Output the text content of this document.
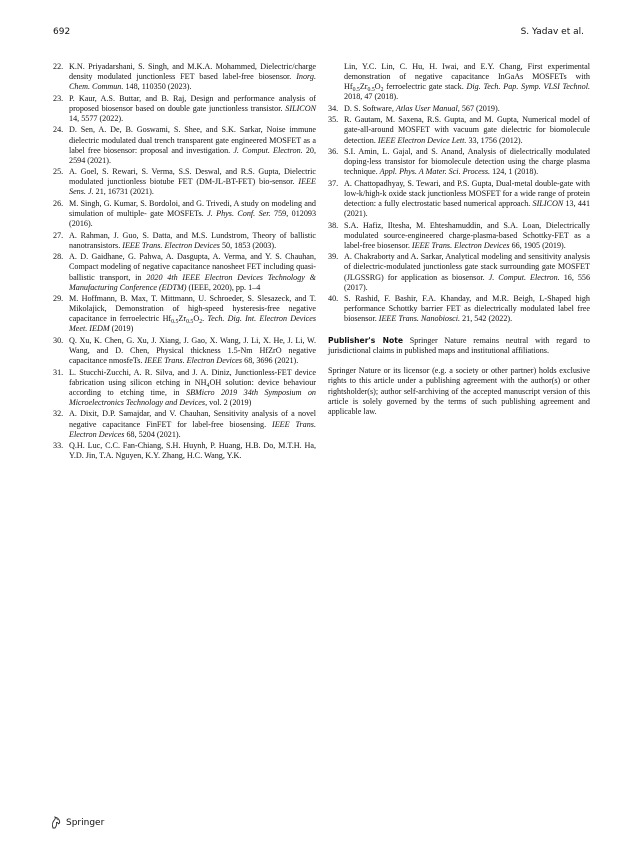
692	S. Yadav et al.
22. K.N. Priyadarshani, S. Singh, and M.K.A. Mohammed, Dielectric/charge density modulated junctionless FET based label-free biosensor. Inorg. Chem. Commun. 148, 110350 (2023).
23. P. Kaur, A.S. Buttar, and B. Raj, Design and performance analysis of proposed biosensor based on double gate junctionless transistor. SILICON 14, 5577 (2022).
24. D. Sen, A. De, B. Goswami, S. Shee, and S.K. Sarkar, Noise immune dielectric modulated dual trench transparent gate engineered MOSFET as a label free biosensor: proposal and investigation. J. Comput. Electron. 20, 2594 (2021).
25. A. Goel, S. Rewari, S. Verma, S.S. Deswal, and R.S. Gupta, Dielectric modulated junctionless biotube FET (DM-JL-BT-FET) bio-sensor. IEEE Sens. J. 21, 16731 (2021).
26. M. Singh, G. Kumar, S. Bordoloi, and G. Trivedi, A study on modeling and simulation of multiple- gate MOSFETs. J. Phys. Conf. Ser. 759, 012093 (2016).
27. A. Rahman, J. Guo, S. Datta, and M.S. Lundstrom, Theory of ballistic nanotransistors. IEEE Trans. Electron Devices 50, 1853 (2003).
28. A. D. Gaidhane, G. Pahwa, A. Dasgupta, A. Verma, and Y. S. Chauhan, Compact modeling of negative capacitance nanosheet FET including quasi-ballistic transport, in 2020 4th IEEE Electron Devices Technology & Manufacturing Conference (EDTM) (IEEE, 2020), pp. 1–4
29. M. Hoffmann, B. Max, T. Mittmann, U. Schroeder, S. Slesazeck, and T. Mikolajick, Demonstration of high-speed hysteresis-free negative capacitance in ferroelectric $Hf_{0.5}Zr_{0.5}O_2$. Tech. Dig. Int. Electron Devices Meet. IEDM (2019)
30. Q. Xu, K. Chen, G. Xu, J. Xiang, J. Gao, X. Wang, J. Li, X. He, J. Li, W. Wang, and D. Chen, Physical thickness 1.5-Nm HfZrO negative capacitance nmosfeTs. IEEE Trans. Electron Devices 68, 3696 (2021).
31. L. Stucchi-Zucchi, A. R. Silva, and J. A. Diniz, Junctionless-FET device fabrication using silicon etching in $NH_4OH$ solution: device behaviour according to etching time, in SBMicro 2019 34th Symposium on Microelectronics Technology and Devices, vol. 2 (2019)
32. A. Dixit, D.P. Samajdar, and V. Chauhan, Sensitivity analysis of a novel negative capacitance FinFET for label-free biosensing. IEEE Trans. Electron Devices 68, 5204 (2021).
33. Q.H. Luc, C.C. Fan-Chiang, S.H. Huynh, P. Huang, H.B. Do, M.T.H. Ha, Y.D. Jin, T.A. Nguyen, K.Y. Zhang, H.C. Wang, Y.K.
Lin, Y.C. Lin, C. Hu, H. Iwai, and E.Y. Chang, First experimental demonstration of negative capacitance InGaAs MOSFETs with $Hf_{0.5}Zr_{0.5}O_2$ ferroelectric gate stack. Dig. Tech. Pap. Symp. VLSI Technol. 2018, 47 (2018).
34. D. S. Software, Atlas User Manual, 567 (2019).
35. R. Gautam, M. Saxena, R.S. Gupta, and M. Gupta, Numerical model of gate-all-around MOSFET with vacuum gate dielectric for biomolecule detection. IEEE Electron Device Lett. 33, 1756 (2012).
36. S.I. Amin, L. Gajal, and S. Anand, Analysis of dielectrically modulated doping-less transistor for biomolecule detection using the charge plasma technique. Appl. Phys. A Mater. Sci. Process. 124, 1 (2018).
37. A. Chattopadhyay, S. Tewari, and P.S. Gupta, Dual-metal double-gate with low-k/high-k oxide stack junctionless MOSFET for a wide range of protein detection: a fully electrostatic based numerical approach. SILICON 13, 441 (2021).
38. S.A. Hafiz, Iltesha, M. Ehteshamuddin, and S.A. Loan, Dielectrically modulated source-engineered charge-plasma-based Schottky-FET as a label-free biosensor. IEEE Trans. Electron Devices 66, 1905 (2019).
39. A. Chakraborty and A. Sarkar, Analytical modeling and sensitivity analysis of dielectric-modulated junctionless gate stack surrounding gate MOSFET (JLGSSRG) for application as biosensor. J. Comput. Electron. 16, 556 (2017).
40. S. Rashid, F. Bashir, F.A. Khanday, and M.R. Beigh, L-Shaped high performance Schottky barrier FET as dielectrically modulated label free biosensor. IEEE Trans. Nanobiosci. 21, 542 (2022).
Publisher's Note Springer Nature remains neutral with regard to jurisdictional claims in published maps and institutional affiliations.
Springer Nature or its licensor (e.g. a society or other partner) holds exclusive rights to this article under a publishing agreement with the author(s) or other rightsholder(s); author self-archiving of the accepted manuscript version of this article is solely governed by the terms of such publishing agreement and applicable law.
Springer
